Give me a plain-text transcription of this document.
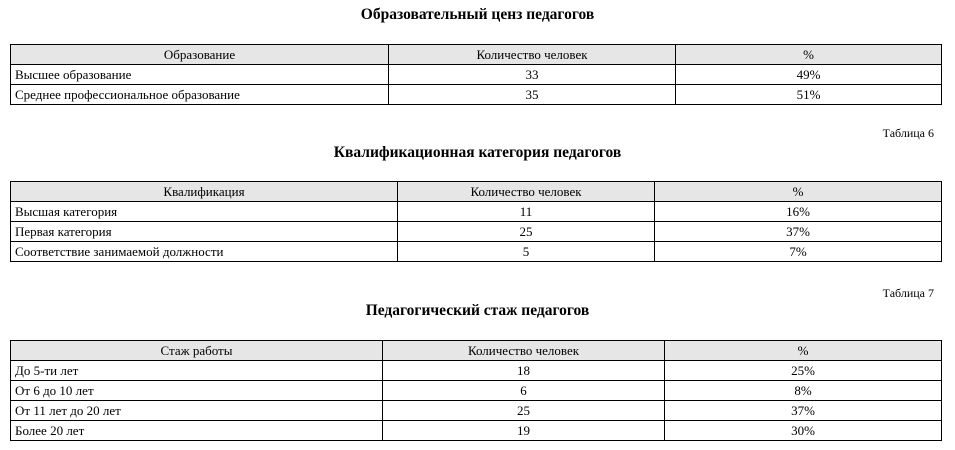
Образовательный ценз педагогов
Образование	Количество человек	%
Высшее образование	33	49%
Среднее профессиональное образование	35	51%
Таблица 6
Квалификационная категория педагогов
Квалификация	Количество человек	%
Высшая категория	11	16%
Первая категория	25	37%
Соответствие занимаемой должности	5	7%
Таблица 7
Педагогический стаж педагогов
Стаж работы	Количество человек	%
До 5-ти лет	18	25%
От 6 до 10 лет	6	8%
От 11 лет до 20 лет	25	37%
Более 20 лет	19	30%
